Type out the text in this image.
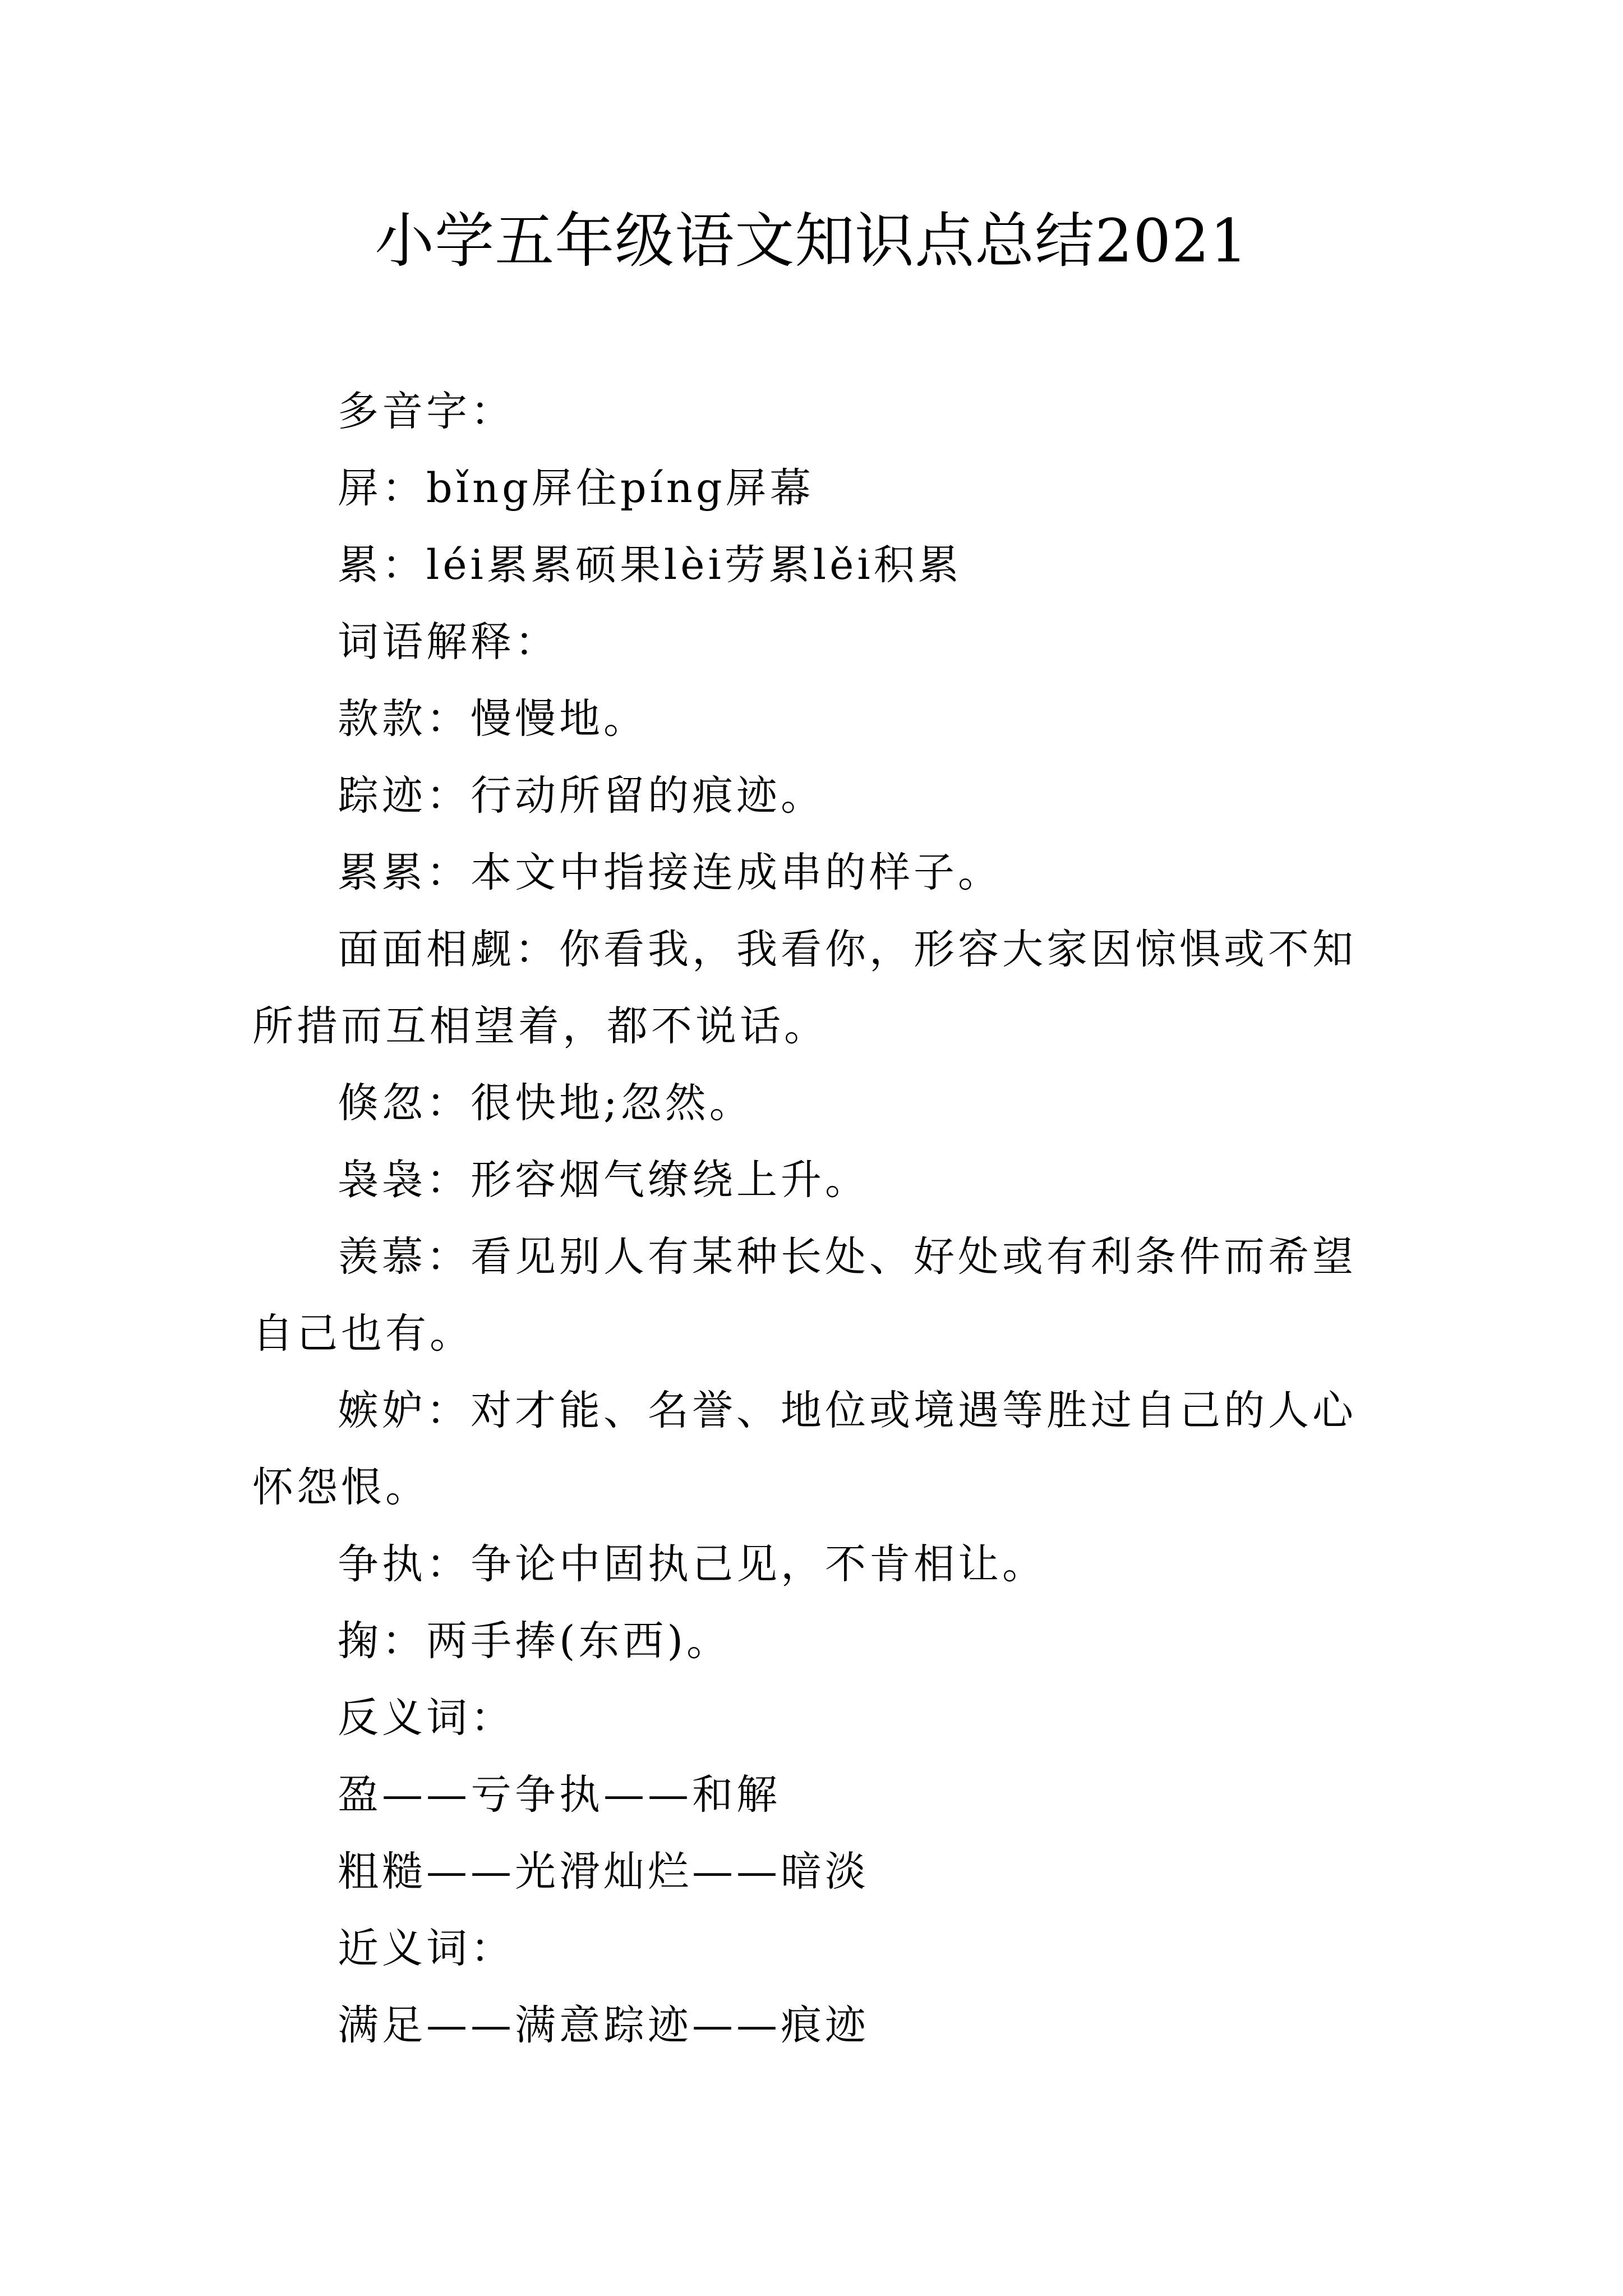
小学五年级语文知识点总结2021

多音字：

屏：bǐng屏住píng屏幕

累：léi累累硕果lèi劳累lěi积累

词语解释：

款款：慢慢地。

踪迹：行动所留的痕迹。

累累：本文中指接连成串的样子。

面面相觑：你看我，我看你，形容大家因惊惧或不知所措而互相望着，都不说话。

倏忽：很快地;忽然。

袅袅：形容烟气缭绕上升。

羡慕：看见别人有某种长处、好处或有利条件而希望自己也有。

嫉妒：对才能、名誉、地位或境遇等胜过自己的人心怀怨恨。

争执：争论中固执己见，不肯相让。

掬：两手捧(东西)。

反义词：

盈——亏争执——和解

粗糙——光滑灿烂——暗淡

近义词：

满足——满意踪迹——痕迹
